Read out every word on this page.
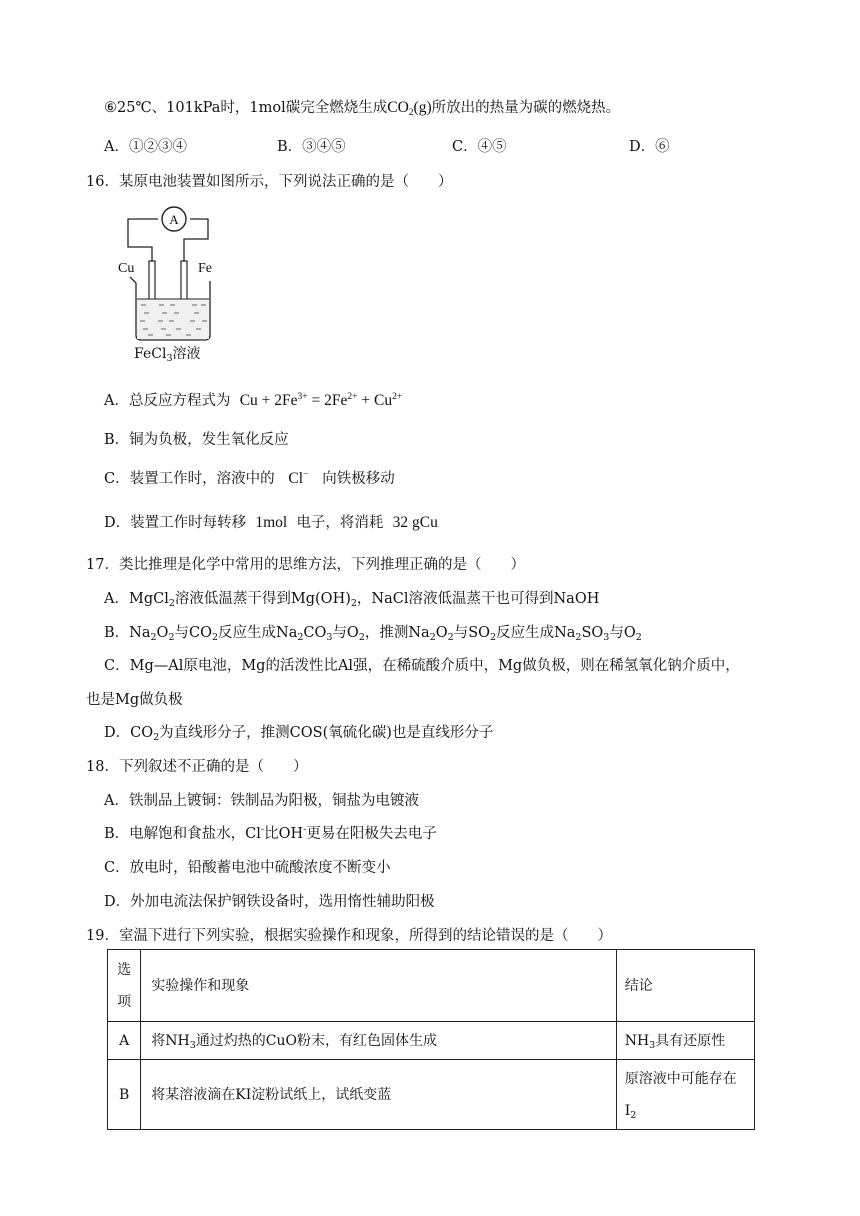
⑥25℃、101kPa时，1mol碳完全燃烧生成$CO_2(g)$所放出的热量为碳的燃烧热。
A．①②③④	B．③④⑤	C．④⑤	D．⑥
16．某原电池装置如图所示，下列说法正确的是（　　）
A
Cu	Fe
FeCl$_3$溶液
A．总反应方程式为 $Cu + 2Fe^{3+} = 2Fe^{2+} + Cu^{2+}$
B．铜为负极，发生氧化反应
C．装置工作时，溶液中的 Cl− 向铁极移动
D．装置工作时每转移 1mol 电子，将消耗 32 gCu
17．类比推理是化学中常用的思维方法，下列推理正确的是（　　）
A．MgCl$_2$溶液低温蒸干得到$Mg(OH)_2$，NaCl溶液低温蒸干也可得到NaOH
B．$Na_2O_2$与$CO_2$反应生成$Na_2CO_3$与$O_2$，推测$Na_2O_2$与$SO_2$反应生成$Na_2SO_3$与$O_2$
C．Mg—Al原电池，Mg的活泼性比Al强，在稀硫酸介质中，Mg做负极，则在稀氢氧化钠介质中，
也是Mg做负极
D．$CO_2$为直线形分子，推测COS(氧硫化碳)也是直线形分子
18．下列叙述不正确的是（　　）
A．铁制品上镀铜：铁制品为阳极，铜盐为电镀液
B．电解饱和食盐水，Cl-比OH-更易在阳极失去电子
C．放电时，铅酸蓄电池中硫酸浓度不断变小
D．外加电流法保护钢铁设备时，选用惰性辅助阳极
19．室温下进行下列实验，根据实验操作和现象，所得到的结论错误的是（　　）
选
项	实验操作和现象	结论
A	将$NH_3$通过灼热的CuO粉末，有红色固体生成	$NH_3$具有还原性
B	将某溶液滴在KI淀粉试纸上，试纸变蓝	原溶液中可能存在
$I_2$
